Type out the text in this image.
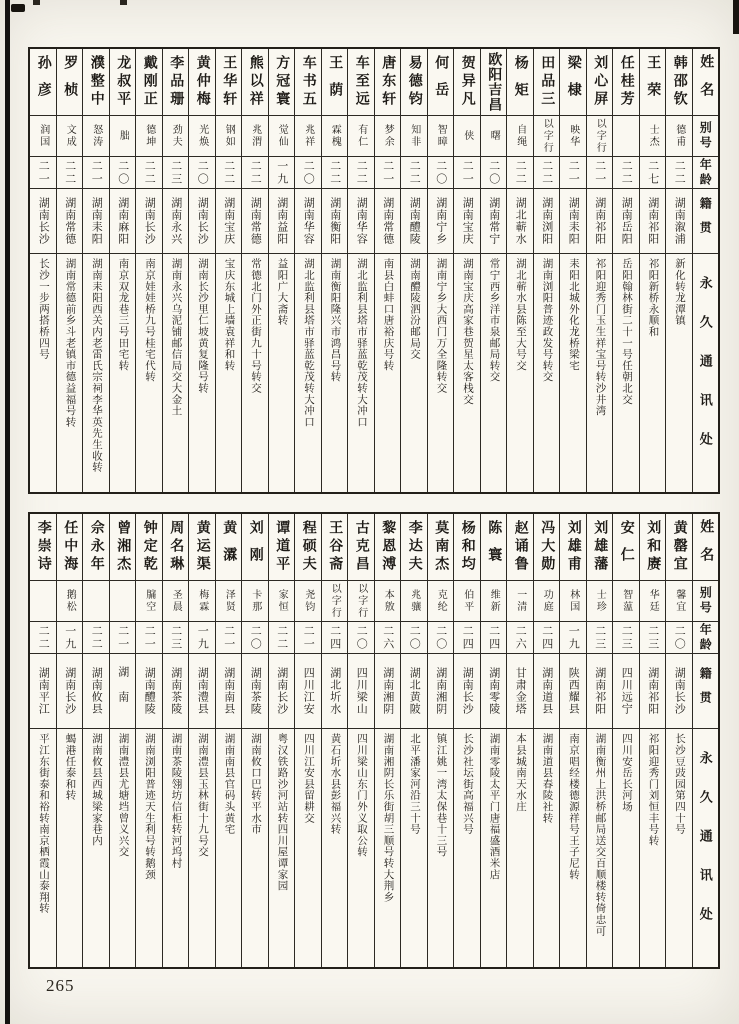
姓名
别号
年龄
籍贯
永久通讯处
韩邵钦
德甫
二二
湖南溆浦
新化转龙潭镇
王荣
士杰
二七
湖南祁阳
祁阳新桥永顺和
任桂芳
二二
湖南岳阳
岳阳翰林街二十一号任朝北交
刘心屏
以字行
二一
湖南祁阳
祁阳迎秀门玉生祥宝号转沙井湾
梁棣
映华
二一
湖南耒阳
耒阳北城外化龙桥梁宅
田品三
以字行
二二
湖南浏阳
湖南浏阳普迹政发号转交
杨矩
自绳
二二
湖北蕲水
湖北蕲水县陈至大号交
欧阳吉昌
曙
二〇
湖南常宁
常宁西乡洋市泉邮局转交
贺异凡
侠
二一
湖南宝庆
湖南宝庆高家巷贺星太客栈交
何岳
智暲
二〇
湖南宁乡
湖南宁乡大西门万全隆转交
易德钧
知非
二二
湖南醴陵
湖南醴陵泗汾邮局交
唐东轩
梦余
二一
湖南常德
南县白蚌口唐裕庆号转
车至远
有仁
二二
湖南华容
湖北监利县塔市驿蓝乾茂转大冲口
王荫
霖槐
二二
湖南衡阳
湖南衡阳隆兴市鸿昌号转
车书五
兆祥
二〇
湖南华容
湖北监利县塔市驿蓝乾茂转大冲口
方冠寰
觉仙
一九
湖南益阳
益阳广大斋转
熊以祥
兆渭
二二
湖南常德
常德北门外正街九十号转交
王华轩
钢如
二二
湖南宝庆
宝庆东城上墙袁祥和转
黄仲梅
光焕
二〇
湖南长沙
湖南长沙里仁坡黄复隆号转
李品珊
劲夫
二三
湖南永兴
湖南永兴乌泥铺邮信局交大金土
戴刚正
德坤
二二
湖南长沙
南京娃娃桥九号桂宅代转
龙叔平
朏
二〇
湖南麻阳
南京双龙巷三号田宅转
濮整中
怒涛
二一
湖南耒阳
湖南耒阳西关内老雷氏宗祠李华英先生收转
罗桢
文成
二二
湖南常德
湖南常德前乡斗老镇市德益福号转
孙彦
润国
二一
湖南长沙
长沙一步两搭桥四号
姓名
别号
年龄
籍贯
永久通讯处
黄罄宜
馨宜
二〇
湖南长沙
长沙豆豉园第四十号
刘和赓
华廷
二三
湖南祁阳
祁阳迎秀门刘恒丰号转
安仁
智蕰
二三
四川远宁
四川安岳长河场
刘雄藩
士珍
二三
湖南祁阳
湖南衡州上洪桥邮局送交百顺楼转倚忠可
刘雄甫
林国
一九
陕西耀县
南京唱经楼德源祥号王子尼转
冯大勋
功庭
二四
湖南道县
湖南道县春陵社转
赵诵鲁
一清
二六
甘肃金塔
本县城南天水庄
陈寰
维新
二四
湖南零陵
湖南零陵太平门唐福盛酒米店
杨和均
伯平
二四
湖南长沙
长沙社坛街高福兴号
莫南杰
克纶
二〇
湖南湘阴
镇江姚一湾太保巷十三号
李达夫
兆骧
二〇
湖北黄陂
北平潘家河沿三十号
黎恩溥
本敫
二六
湖南湘阴
湖南湘阴长乐街胡三顺号转大荆乡
古克昌
以字行
二〇
四川梁山
四川梁山东门外义取公转
王谷斋
以字行
二四
湖北圻水
黄石圻水县彭福兴转
程硕夫
尧钧
二一
四川江安
四川江安县留耕交
谭道平
家恒
二二
湖南长沙
粤汉铁路沙河站转四川屋谭家园
刘刚
卡那
二〇
湖南茶陵
湖南攸口巴转平水市
黄瀮
泽贤
二一
湖南南县
湖南南县官码头黄宅
黄运渠
梅霖
一九
湖南澧县
湖南澧县玉林街十九号交
周名琳
圣晨
二三
湖南茶陵
湖南茶陵翎坊信柜转河坞村
钟定乾
牖空
二一
湖南醴陵
湖南浏阳普迹天生利号转鹅颈
曾湘杰
二一
湖南
湖南澧县尤塘垱曾义兴交
佘永年
二二
湖南攸县
湖南攸县西城梁家巷内
任中海
鹅松
一九
湖南长沙
蝎港任泰和转
李崇诗
二二
湖南平江
平江东街泰和裕转南京栖霞山泰翔转
265
